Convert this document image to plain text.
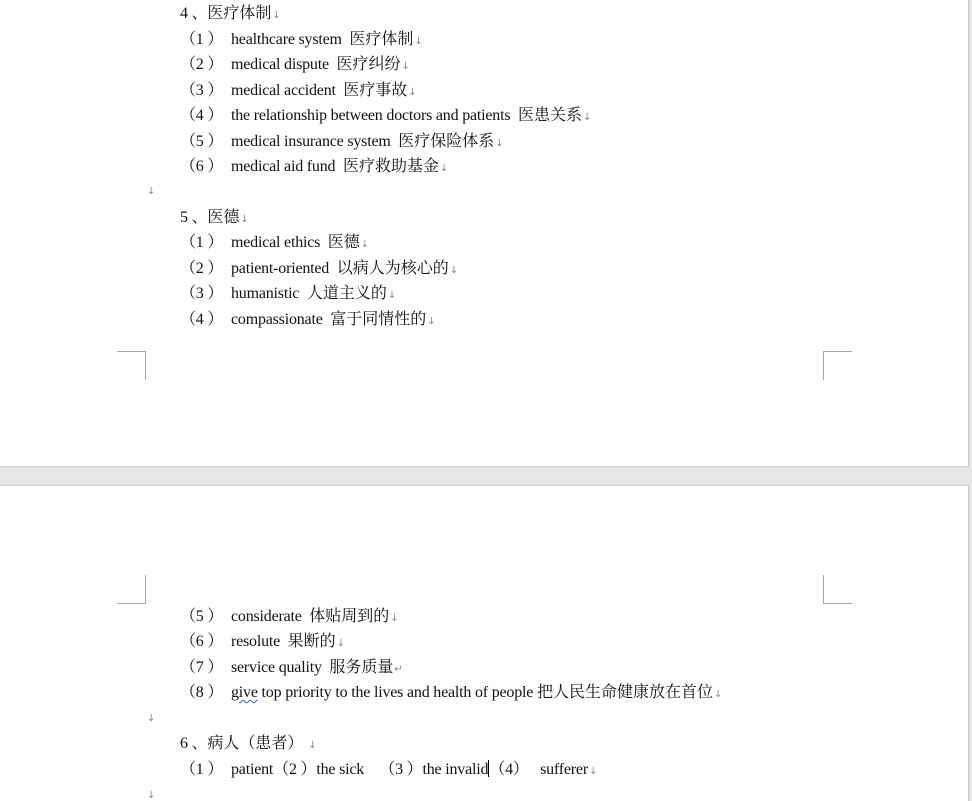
4 、医疗体制↓
（1 ） healthcare system 医疗体制↓
（2 ） medical dispute 医疗纠纷↓
（3 ） medical accident 医疗事故↓
（4 ） the relationship between doctors and patients 医患关系↓
（5 ） medical insurance system 医疗保险体系↓
（6 ） medical aid fund 医疗救助基金↓
↓
5 、医德↓
（1 ） medical ethics 医德↓
（2 ） patient-oriented 以病人为核心的↓
（3 ） humanistic 人道主义的↓
（4 ） compassionate 富于同情性的↓
（5 ） considerate 体贴周到的↓
（6 ） resolute 果断的↓
（7 ） service quality 服务质量↵
（8 ） give top priority to the lives and health of people 把人民生命健康放在首位↓
↓
6 、病人（患者） ↓
（1 ） patient（2 ）the sick （3 ）the invalid（4） sufferer↓
↓
